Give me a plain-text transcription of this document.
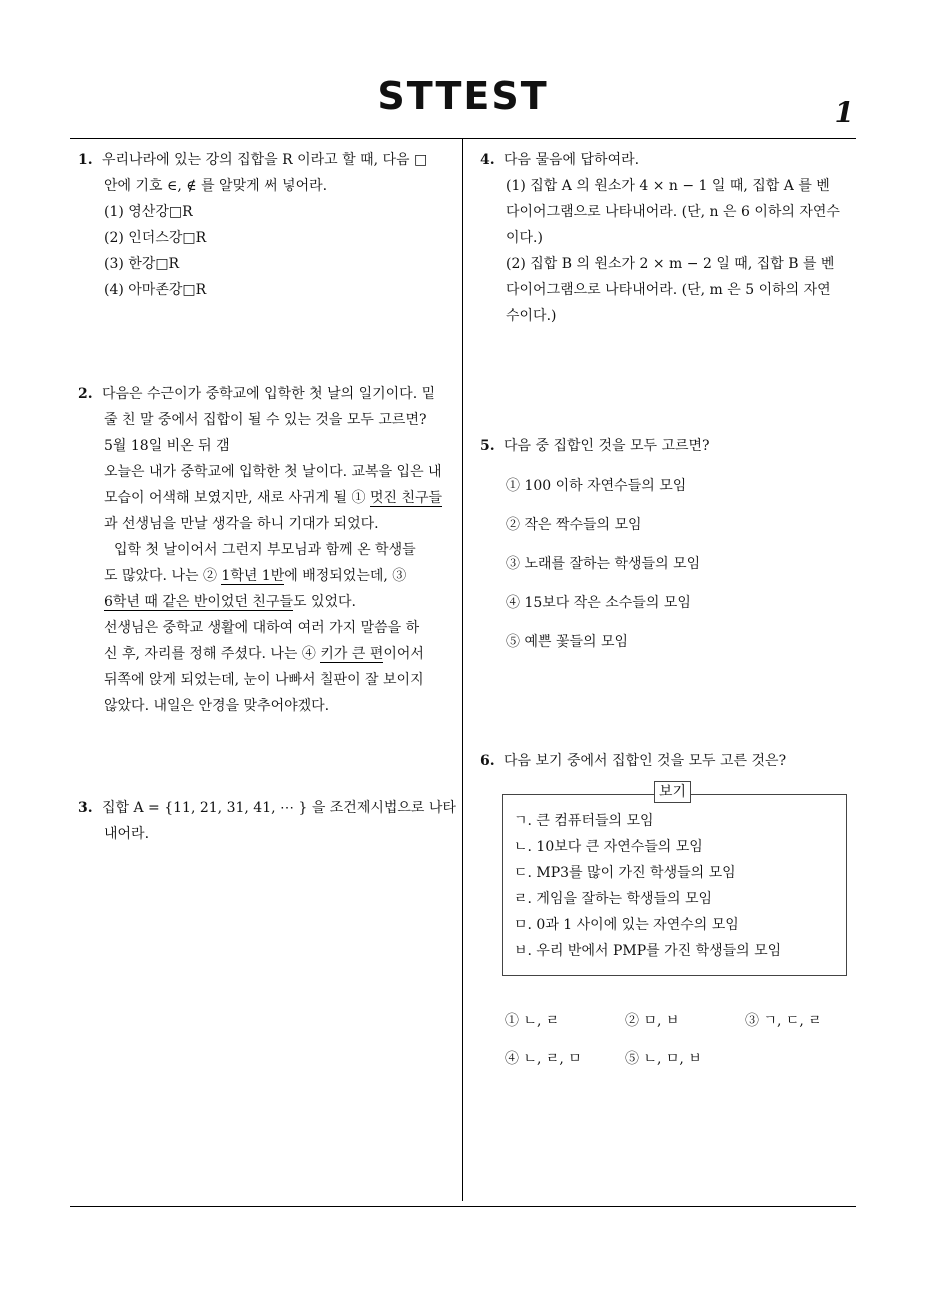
STTEST	1

1. 우리나라에 있는 강의 집합을 R 이라고 할 때, 다음 □

안에 기호 ∈, ∉ 를 알맞게 써 넣어라.

(1) 영산강□R

(2) 인더스강□R

(3) 한강□R

(4) 아마존강□R

2. 다음은 수근이가 중학교에 입학한 첫 날의 일기이다. 밑

줄 친 말 중에서 집합이 될 수 있는 것을 모두 고르면?

5월 18일 비온 뒤 갬

오늘은 내가 중학교에 입학한 첫 날이다. 교복을 입은 내

모습이 어색해 보였지만, 새로 사귀게 될 ① 멋진 친구들

과 선생님을 만날 생각을 하니 기대가 되었다.

입학 첫 날이어서 그런지 부모님과 함께 온 학생들

도 많았다. 나는 ② 1학년 1반에 배정되었는데, ③

6학년 때 같은 반이었던 친구들도 있었다.

선생님은 중학교 생활에 대하여 여러 가지 말씀을 하

신 후, 자리를 정해 주셨다. 나는 ④ 키가 큰 편이어서

뒤쪽에 앉게 되었는데, 눈이 나빠서 칠판이 잘 보이지

않았다. 내일은 안경을 맞추어야겠다.

3. 집합 A = {11, 21, 31, 41, ⋯ } 을 조건제시법으로 나타

내어라.

4. 다음 물음에 답하여라.

(1) 집합 A 의 원소가 4 × n − 1 일 때, 집합 A 를 벤

다이어그램으로 나타내어라. (단, n 은 6 이하의 자연수

이다.)

(2) 집합 B 의 원소가 2 × m − 2 일 때, 집합 B 를 벤

다이어그램으로 나타내어라. (단, m 은 5 이하의 자연

수이다.)

5. 다음 중 집합인 것을 모두 고르면?

① 100 이하 자연수들의 모임
② 작은 짝수들의 모임
③ 노래를 잘하는 학생들의 모임
④ 15보다 작은 소수들의 모임
⑤ 예쁜 꽃들의 모임

6. 다음 보기 중에서 집합인 것을 모두 고른 것은?

보기
ㄱ. 큰 컴퓨터들의 모임
ㄴ. 10보다 큰 자연수들의 모임
ㄷ. MP3를 많이 가진 학생들의 모임
ㄹ. 게임을 잘하는 학생들의 모임
ㅁ. 0과 1 사이에 있는 자연수의 모임
ㅂ. 우리 반에서 PMP를 가진 학생들의 모임
① ㄴ, ㄹ	② ㅁ, ㅂ	③ ㄱ, ㄷ, ㄹ
④ ㄴ, ㄹ, ㅁ	⑤ ㄴ, ㅁ, ㅂ
